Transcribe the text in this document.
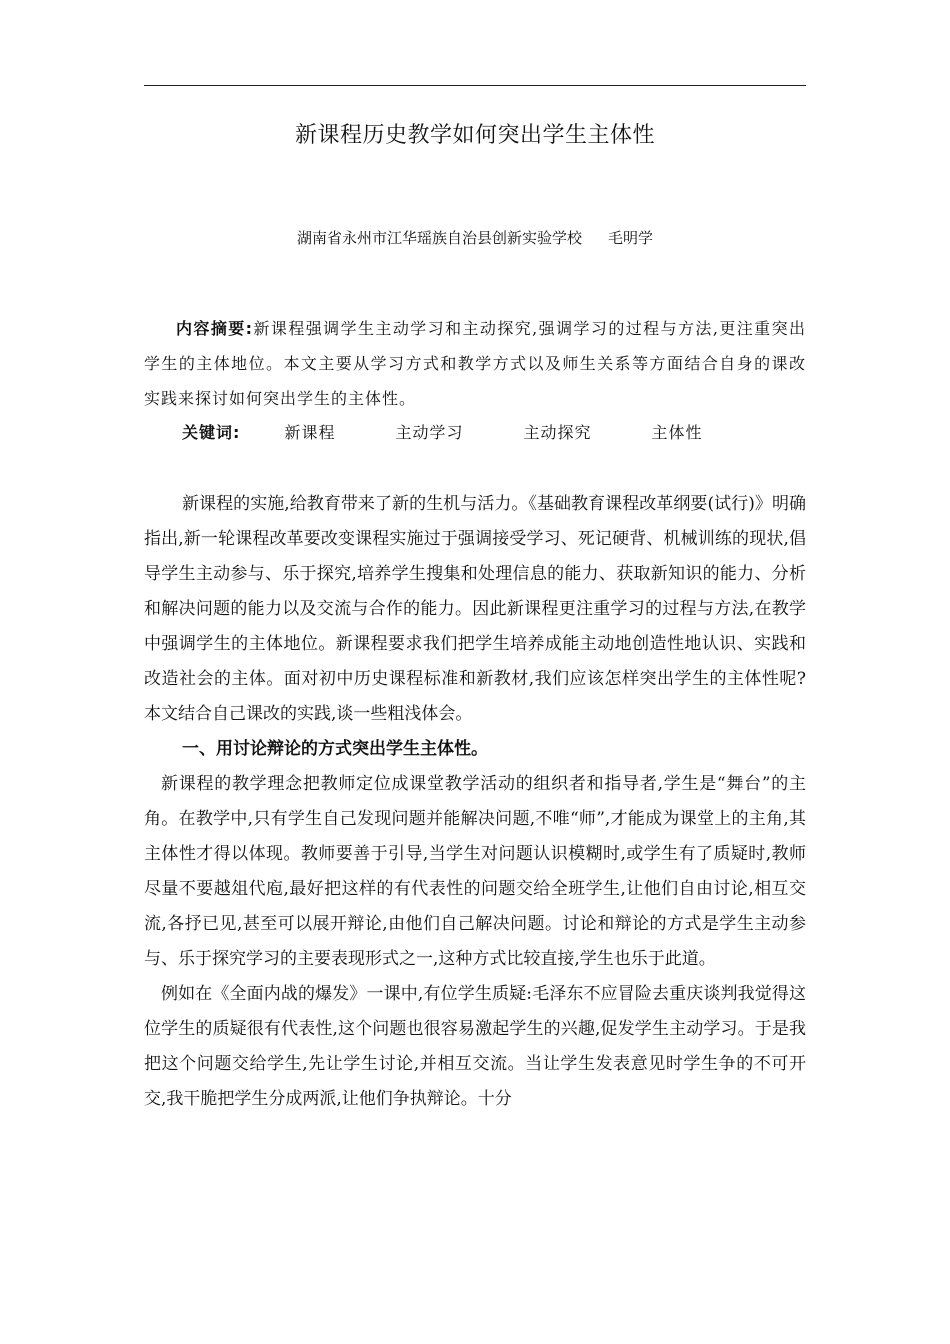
新课程历史教学如何突出学生主体性
湖南省永州市江华瑶族自治县创新实验学校 毛明学

内容摘要:新课程强调学生主动学习和主动探究,强调学习的过程与方法,更注重突出学生的主体地位。本文主要从学习方式和教学方式以及师生关系等方面结合自身的课改实践来探讨如何突出学生的主体性。

关键词:	新课程	主动学习	主动探究	主体性

新课程的实施,给教育带来了新的生机与活力。《基础教育课程改革纲要(试行)》明确指出,新一轮课程改革要改变课程实施过于强调接受学习、死记硬背、机械训练的现状,倡导学生主动参与、乐于探究,培养学生搜集和处理信息的能力、获取新知识的能力、分析和解决问题的能力以及交流与合作的能力。因此新课程更注重学习的过程与方法,在教学中强调学生的主体地位。新课程要求我们把学生培养成能主动地创造性地认识、实践和改造社会的主体。面对初中历史课程标准和新教材,我们应该怎样突出学生的主体性呢? 本文结合自己课改的实践,谈一些粗浅体会。

一、用讨论辩论的方式突出学生主体性。

新课程的教学理念把教师定位成课堂教学活动的组织者和指导者,学生是“舞台”的主角。在教学中,只有学生自己发现问题并能解决问题,不唯“师”,才能成为课堂上的主角,其主体性才得以体现。教师要善于引导,当学生对问题认识模糊时,或学生有了质疑时,教师尽量不要越俎代庖,最好把这样的有代表性的问题交给全班学生,让他们自由讨论,相互交流,各抒已见,甚至可以展开辩论,由他们自己解决问题。讨论和辩论的方式是学生主动参与、乐于探究学习的主要表现形式之一,这种方式比较直接,学生也乐于此道。

例如在《全面内战的爆发》一课中,有位学生质疑:毛泽东不应冒险去重庆谈判我觉得这位学生的质疑很有代表性,这个问题也很容易激起学生的兴趣,促发学生主动学习。于是我把这个问题交给学生,先让学生讨论,并相互交流。当让学生发表意见时学生争的不可开交,我干脆把学生分成两派,让他们争执辩论。十分
